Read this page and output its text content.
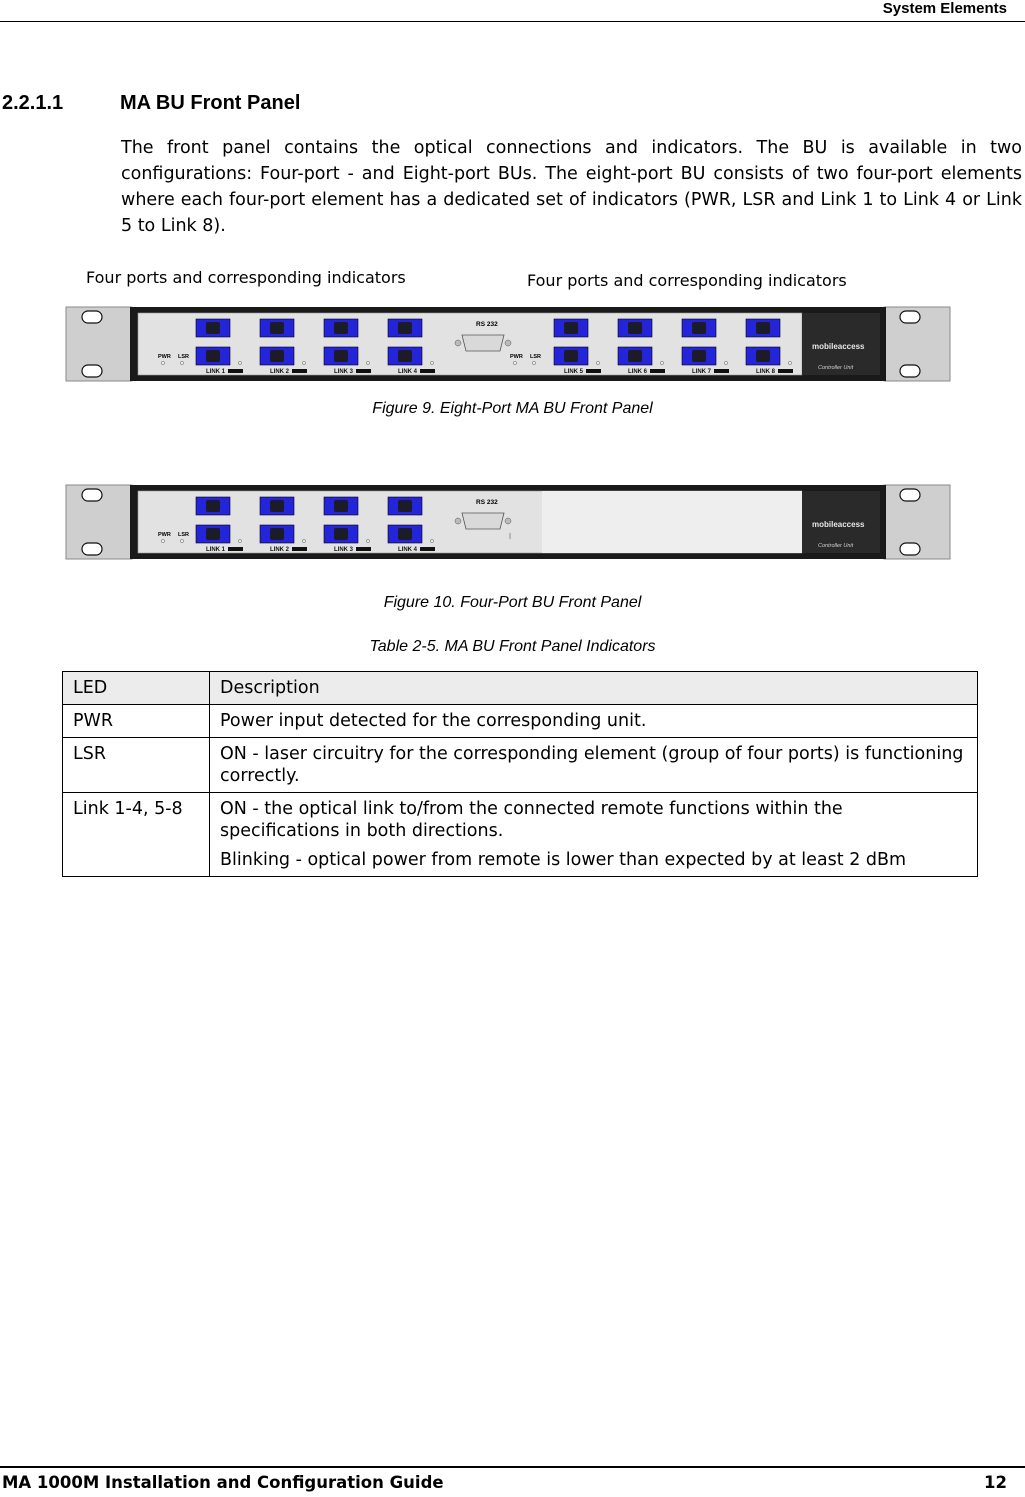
System Elements
2.2.1.1	MA BU Front Panel
The front panel contains the optical connections and indicators. The BU is available in two configurations: Four-port - and Eight-port BUs. The eight-port BU consists of two four-port elements where each four-port element has a dedicated set of indicators (PWR, LSR and Link 1 to Link 4 or Link 5 to Link 8).
Four ports and corresponding indicators	Four ports and corresponding indicators
LINK 1	LINK 2	LINK 3	LINK 4
PWR LSR
RS 232
LINK 5	LINK 6	LINK 7	LINK 8
PWR LSR
mobileaccess
Controller Unit
Figure 9. Eight-Port MA BU Front Panel
LINK 1	LINK 2	LINK 3	LINK 4
PWR LSR
RS 232
mobileaccess
Controller Unit
Figure 10. Four-Port BU Front Panel
Table 2-5. MA BU Front Panel Indicators
LED	Description
PWR	Power input detected for the corresponding unit.

LSR	ON - laser circuitry for the corresponding element (group of four ports) is functioning correctly.

Link 1-4, 5-8	ON - the optical link to/from the connected remote functions within the specifications in both directions.

Blinking - optical power from remote is lower than expected by at least 2 dBm

MA 1000M Installation and Configuration Guide	12
